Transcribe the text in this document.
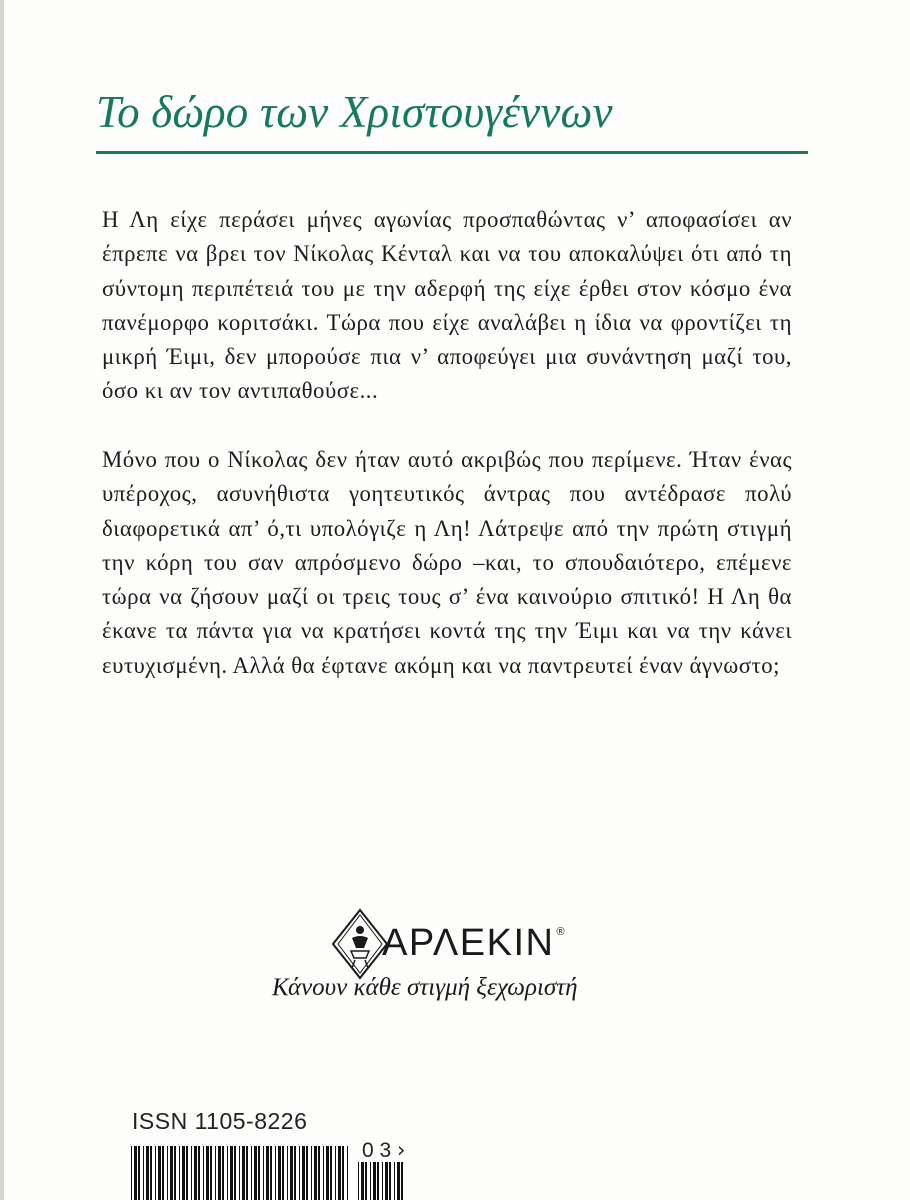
Το δώρο των Χριστουγέννων

Η Λη είχε περάσει μήνες αγωνίας προσπαθώντας ν’ αποφασίσει αν έπρεπε να βρει τον Νίκολας Κένταλ και να του αποκαλύψει ότι από τη σύντομη περιπέτειά του με την αδερφή της είχε έρθει στον κόσμο ένα πανέμορφο κοριτσάκι. Τώρα που είχε αναλάβει η ίδια να φροντίζει τη μικρή Έιμι, δεν μπορούσε πια ν’ αποφεύγει μια συνάντηση μαζί του, όσο κι αν τον αντιπαθούσε...

Μόνο που ο Νίκολας δεν ήταν αυτό ακριβώς που περίμενε. Ήταν ένας υπέροχος, ασυνήθιστα γοητευτικός άντρας που αντέδρασε πολύ διαφορετικά απ’ ό,τι υπολόγιζε η Λη! Λάτρεψε από την πρώτη στιγμή την κόρη του σαν απρόσμενο δώρο –και, το σπουδαιότερο, επέμενε τώρα να ζήσουν μαζί οι τρεις τους σ’ ένα καινούριο σπιτικό! Η Λη θα έκανε τα πάντα για να κρατήσει κοντά της την Έιμι και να την κάνει ευτυχισμένη. Αλλά θα έφτανε ακόμη και να παντρευτεί έναν άγνωστο;

ΑΡΛΕΚΙΝ ®
Κάνουν κάθε στιγμή ξεχωριστή
ISSN 1105-8226
0 3 ›
